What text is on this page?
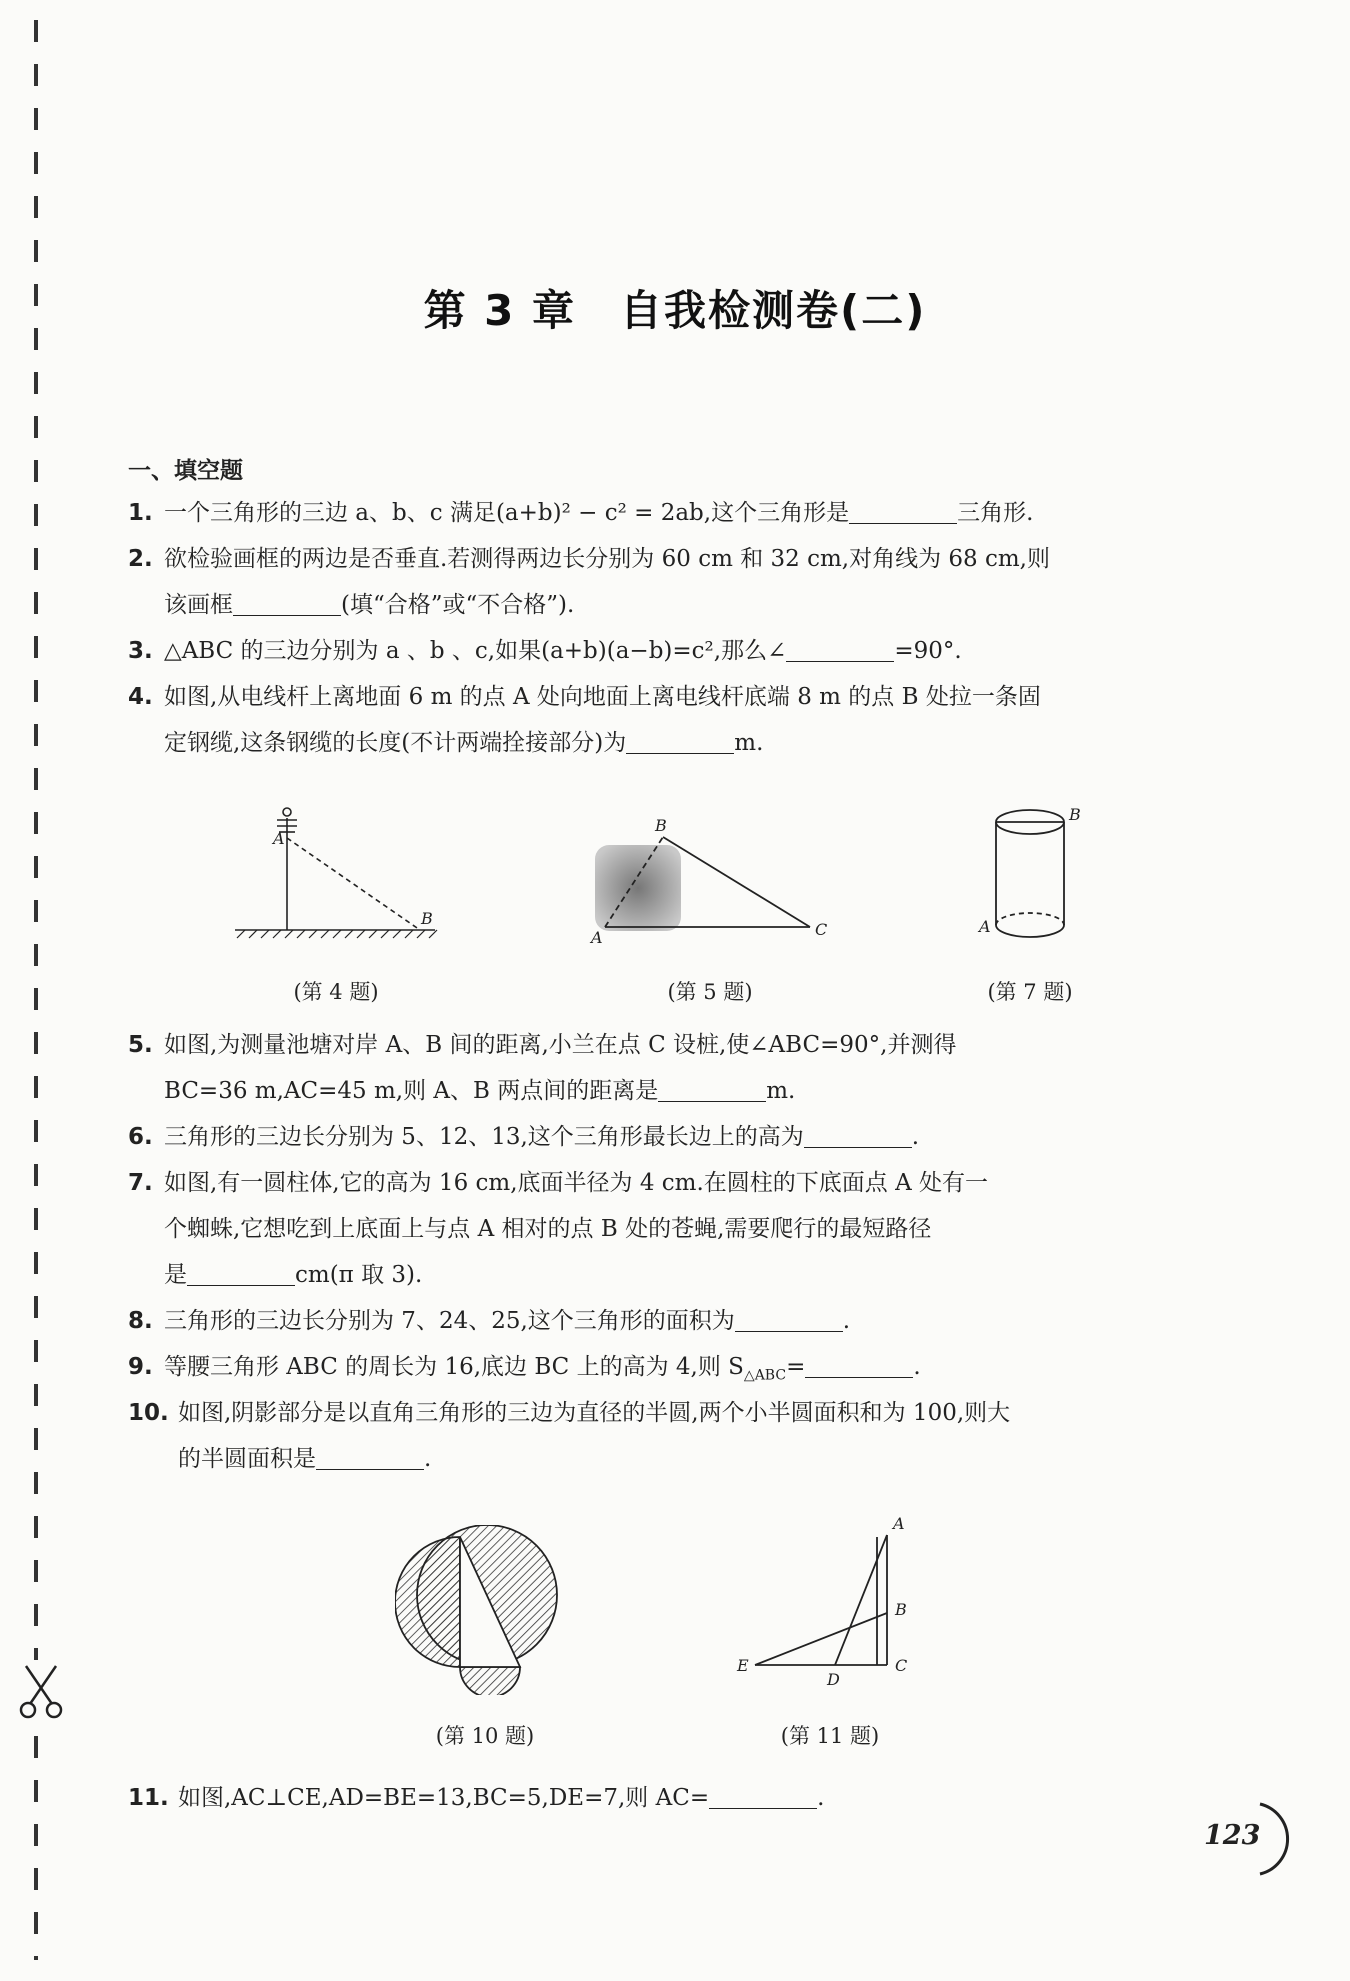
第 3 章　自我检测卷(二)
一、填空题
1. 一个三角形的三边 a、b、c 满足(a+b)² − c² = 2ab,这个三角形是	三角形.
2. 欲检验画框的两边是否垂直.若测得两边长分别为 60 cm 和 32 cm,对角线为 68 cm,则
该画框	(填“合格”或“不合格”).
3. △ABC 的三边分别为 a 、b 、c,如果(a+b)(a−b)=c²,那么∠	=90°.
4. 如图,从电线杆上离地面 6 m 的点 A 处向地面上离电线杆底端 8 m 的点 B 处拉一条固
定钢缆,这条钢缆的长度(不计两端拴接部分)为	m.
A
B
(第 4 题)
B
A	C
(第 5 题)
B
A
(第 7 题)
5. 如图,为测量池塘对岸 A、B 间的距离,小兰在点 C 设桩,使∠ABC=90°,并测得
BC=36 m,AC=45 m,则 A、B 两点间的距离是	m.
6. 三角形的三边长分别为 5、12、13,这个三角形最长边上的高为	.
7. 如图,有一圆柱体,它的高为 16 cm,底面半径为 4 cm.在圆柱的下底面点 A 处有一
个蜘蛛,它想吃到上底面上与点 A 相对的点 B 处的苍蝇,需要爬行的最短路径
是	cm(π 取 3).
8. 三角形的三边长分别为 7、24、25,这个三角形的面积为	.
9. 等腰三角形 ABC 的周长为 16,底边 BC 上的高为 4,则 $S_{\triangle ABC}=$	.
10. 如图,阴影部分是以直角三角形的三边为直径的半圆,两个小半圆面积和为 100,则大
的半圆面积是	.
(第 10 题)
A
B
C
D
E
(第 11 题)
11. 如图,AC⊥CE,AD=BE=13,BC=5,DE=7,则 AC=	.
123
